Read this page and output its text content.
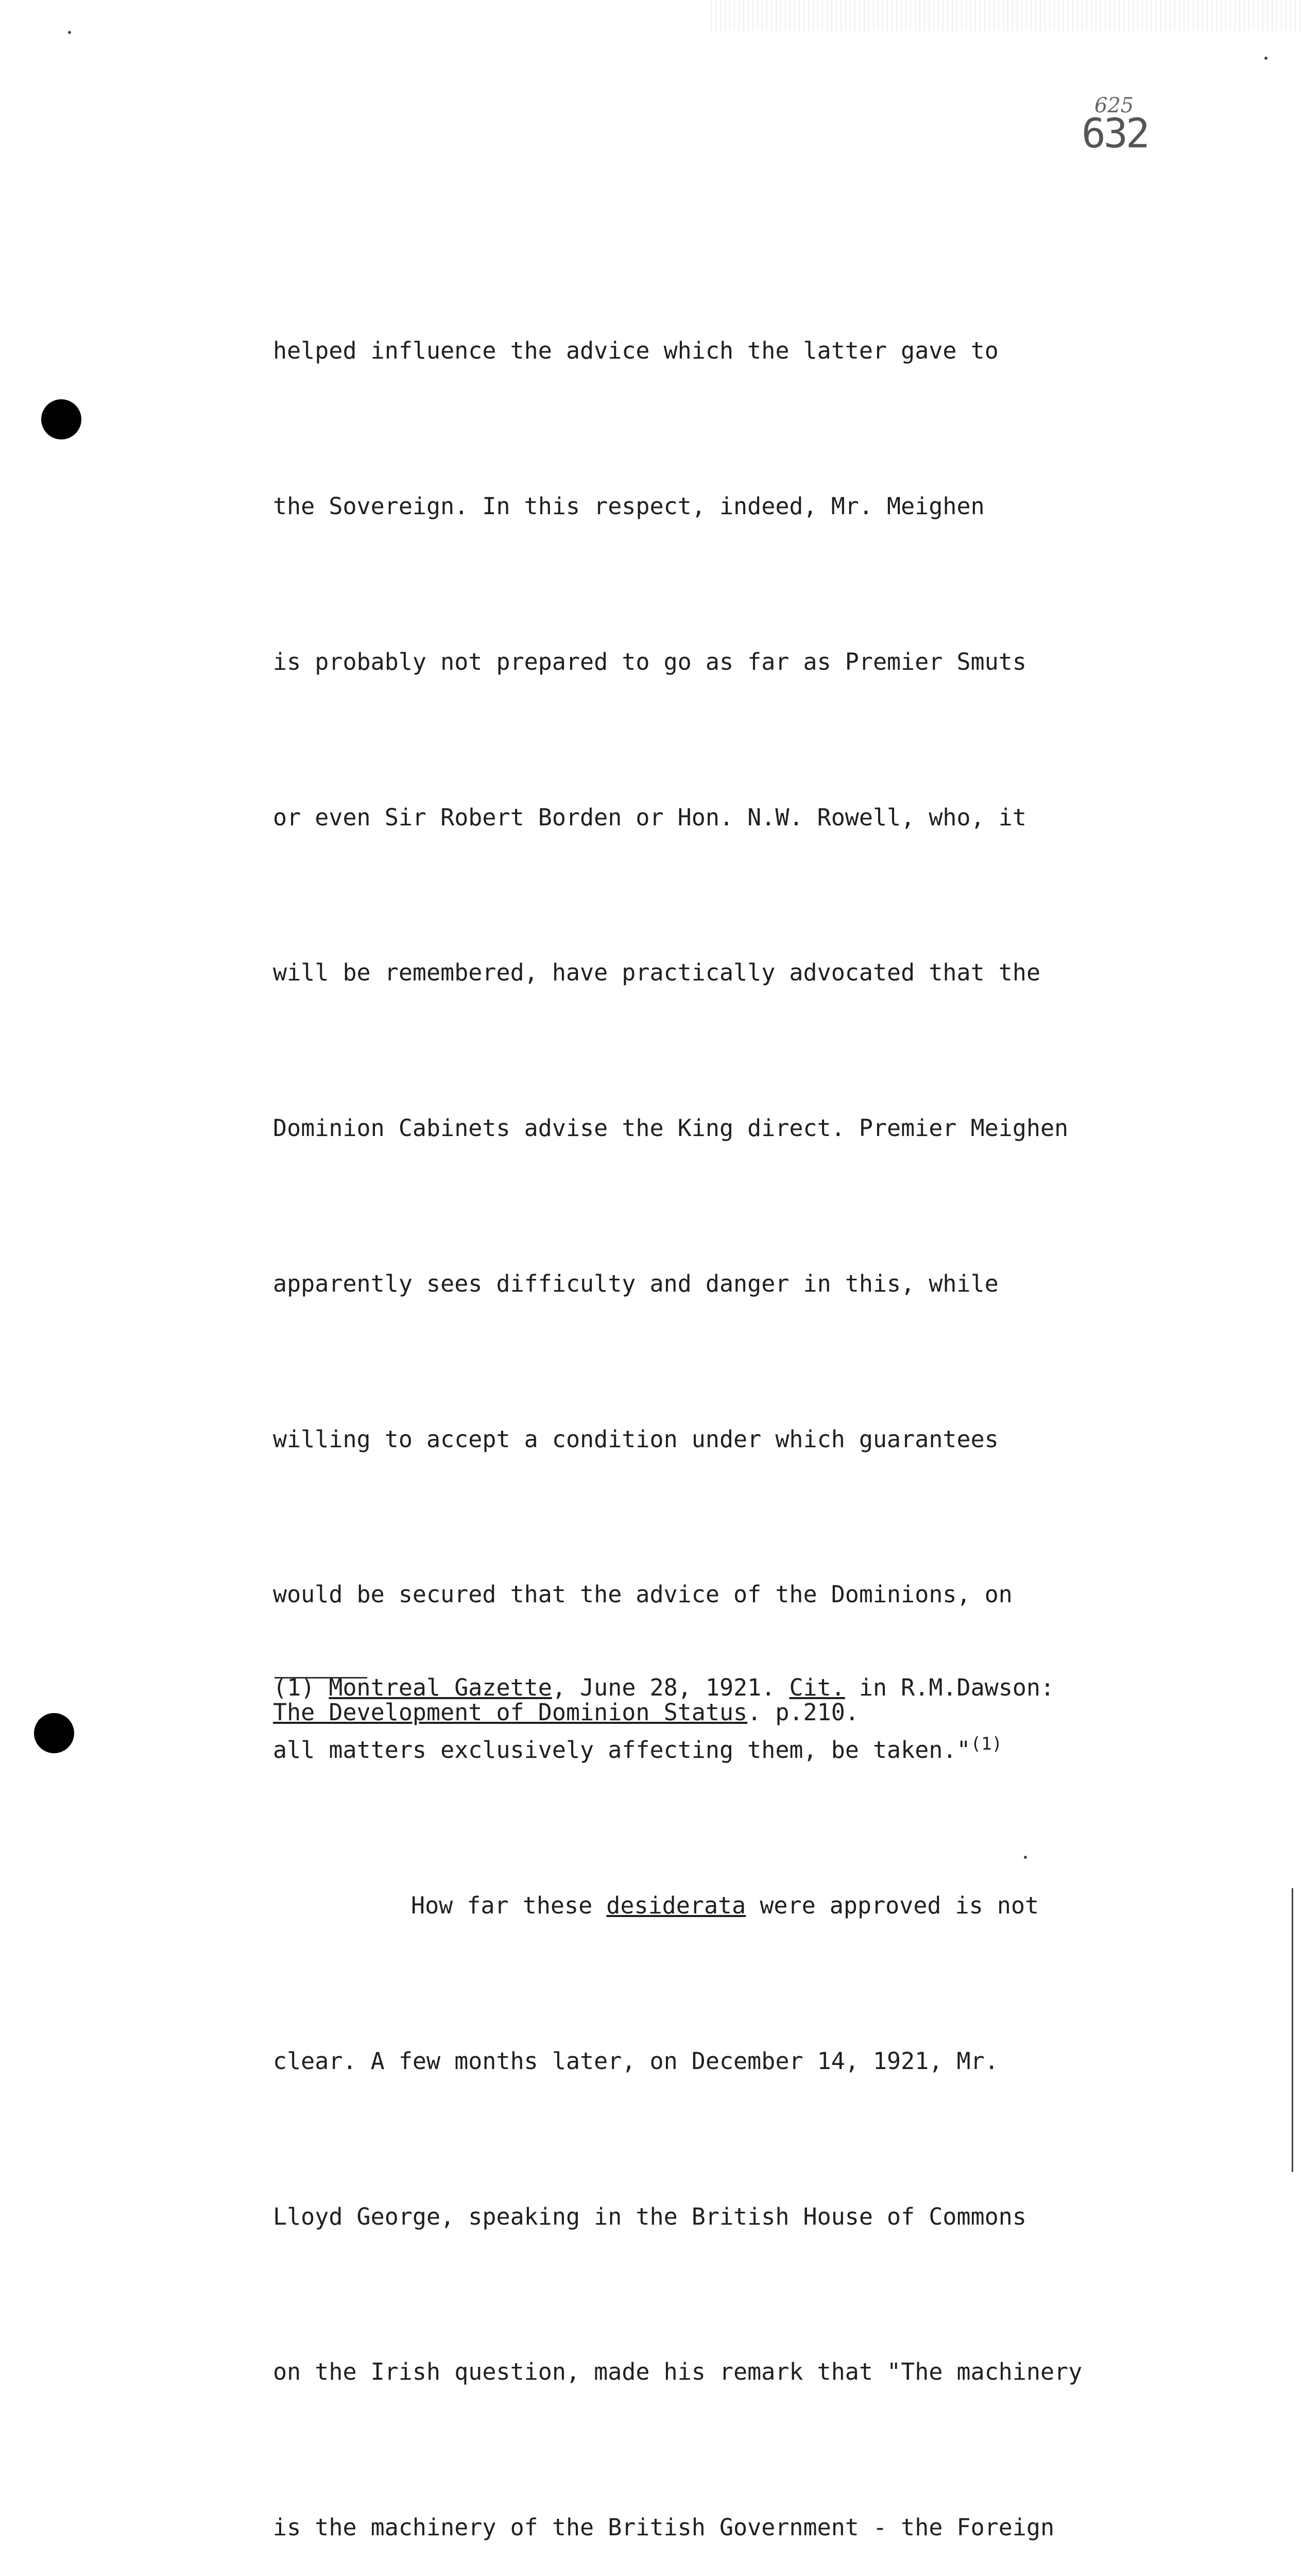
625
632

helped influence the advice which the latter gave to

the Sovereign. In this respect, indeed, Mr. Meighen

is probably not prepared to go as far as Premier Smuts

or even Sir Robert Borden or Hon. N.W. Rowell, who, it

will be remembered, have practically advocated that the

Dominion Cabinets advise the King direct. Premier Meighen

apparently sees difficulty and danger in this, while

willing to accept a condition under which guarantees

would be secured that the advice of the Dominions, on

all matters exclusively affecting them, be taken."$^{(1)}$

How far these desiderata were approved is not

clear. A few months later, on December 14, 1921, Mr.

Lloyd George, speaking in the British House of Commons

on the Irish question, made his remark that "The machinery

is the machinery of the British Government - the Foreign

(1) Montreal Gazette, June 28, 1921. Cit. in R.M.Dawson:
The Development of Dominion Status. p.210.
